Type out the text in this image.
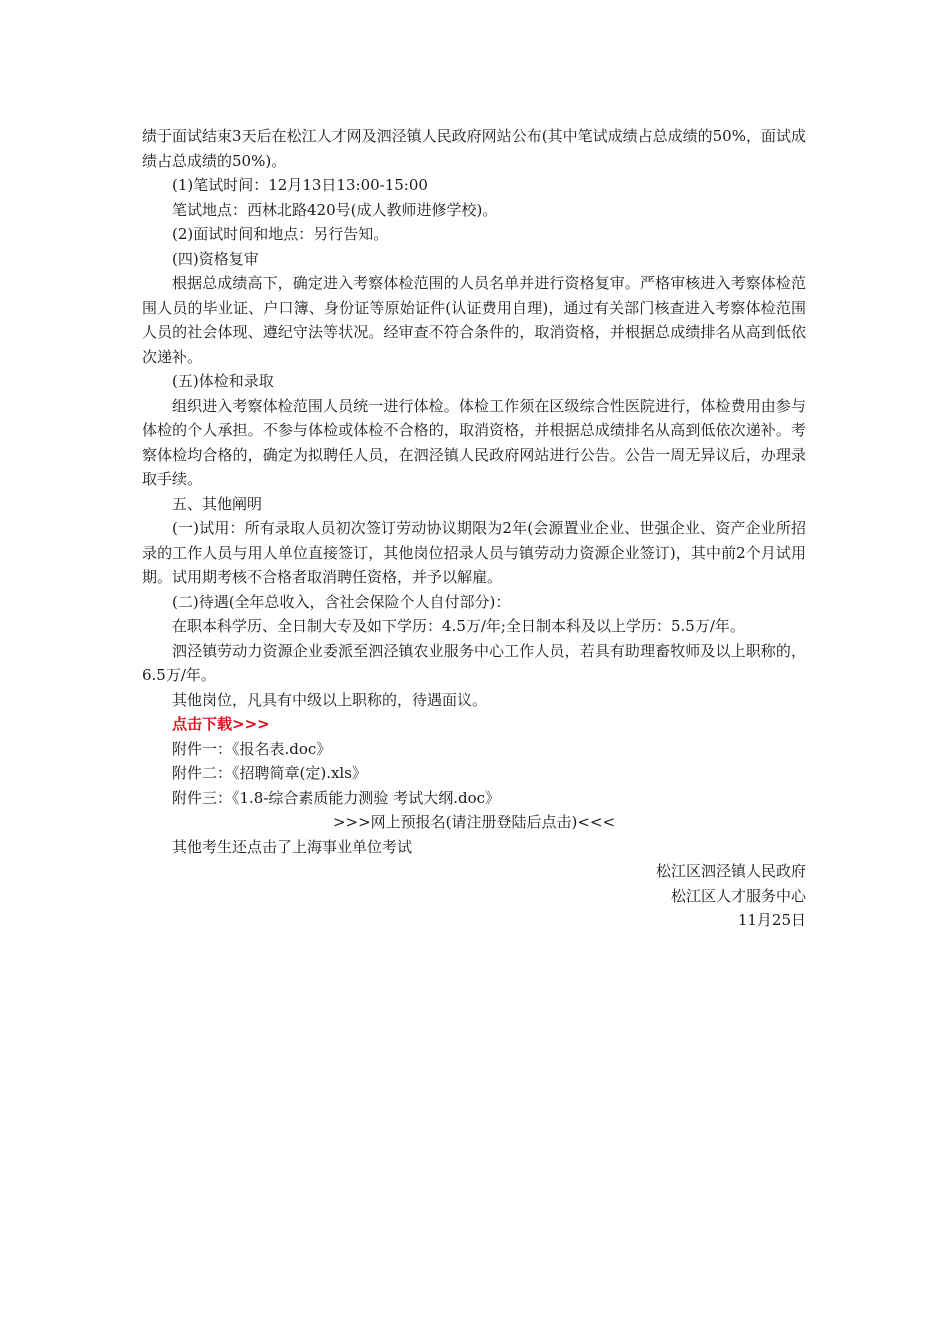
绩于面试结束3天后在松江人才网及泗泾镇人民政府网站公布(其中笔试成绩占总成绩的50%，面试成绩占总成绩的50%)。

(1)笔试时间：12月13日13:00-15:00

笔试地点：西林北路420号(成人教师进修学校)。

(2)面试时间和地点：另行告知。

(四)资格复审

根据总成绩高下，确定进入考察体检范围的人员名单并进行资格复审。严格审核进入考察体检范围人员的毕业证、户口簿、身份证等原始证件(认证费用自理)，通过有关部门核查进入考察体检范围人员的社会体现、遵纪守法等状况。经审查不符合条件的，取消资格，并根据总成绩排名从高到低依次递补。

(五)体检和录取

组织进入考察体检范围人员统一进行体检。体检工作须在区级综合性医院进行，体检费用由参与体检的个人承担。不参与体检或体检不合格的，取消资格，并根据总成绩排名从高到低依次递补。考察体检均合格的，确定为拟聘任人员，在泗泾镇人民政府网站进行公告。公告一周无异议后，办理录取手续。

五、其他阐明

(一)试用：所有录取人员初次签订劳动协议期限为2年(会源置业企业、世强企业、资产企业所招录的工作人员与用人单位直接签订，其他岗位招录人员与镇劳动力资源企业签订)，其中前2个月试用期。试用期考核不合格者取消聘任资格，并予以解雇。

(二)待遇(全年总收入，含社会保险个人自付部分)：

在职本科学历、全日制大专及如下学历：4.5万/年;全日制本科及以上学历：5.5万/年。

泗泾镇劳动力资源企业委派至泗泾镇农业服务中心工作人员，若具有助理畜牧师及以上职称的，6.5万/年。

其他岗位，凡具有中级以上职称的，待遇面议。

点击下载>>>

附件一：《报名表.doc》

附件二：《招聘简章(定).xls》

附件三：《1.8-综合素质能力测验 考试大纲.doc》

>>>网上预报名(请注册登陆后点击)<<<

其他考生还点击了上海事业单位考试

松江区泗泾镇人民政府

松江区人才服务中心

11月25日
